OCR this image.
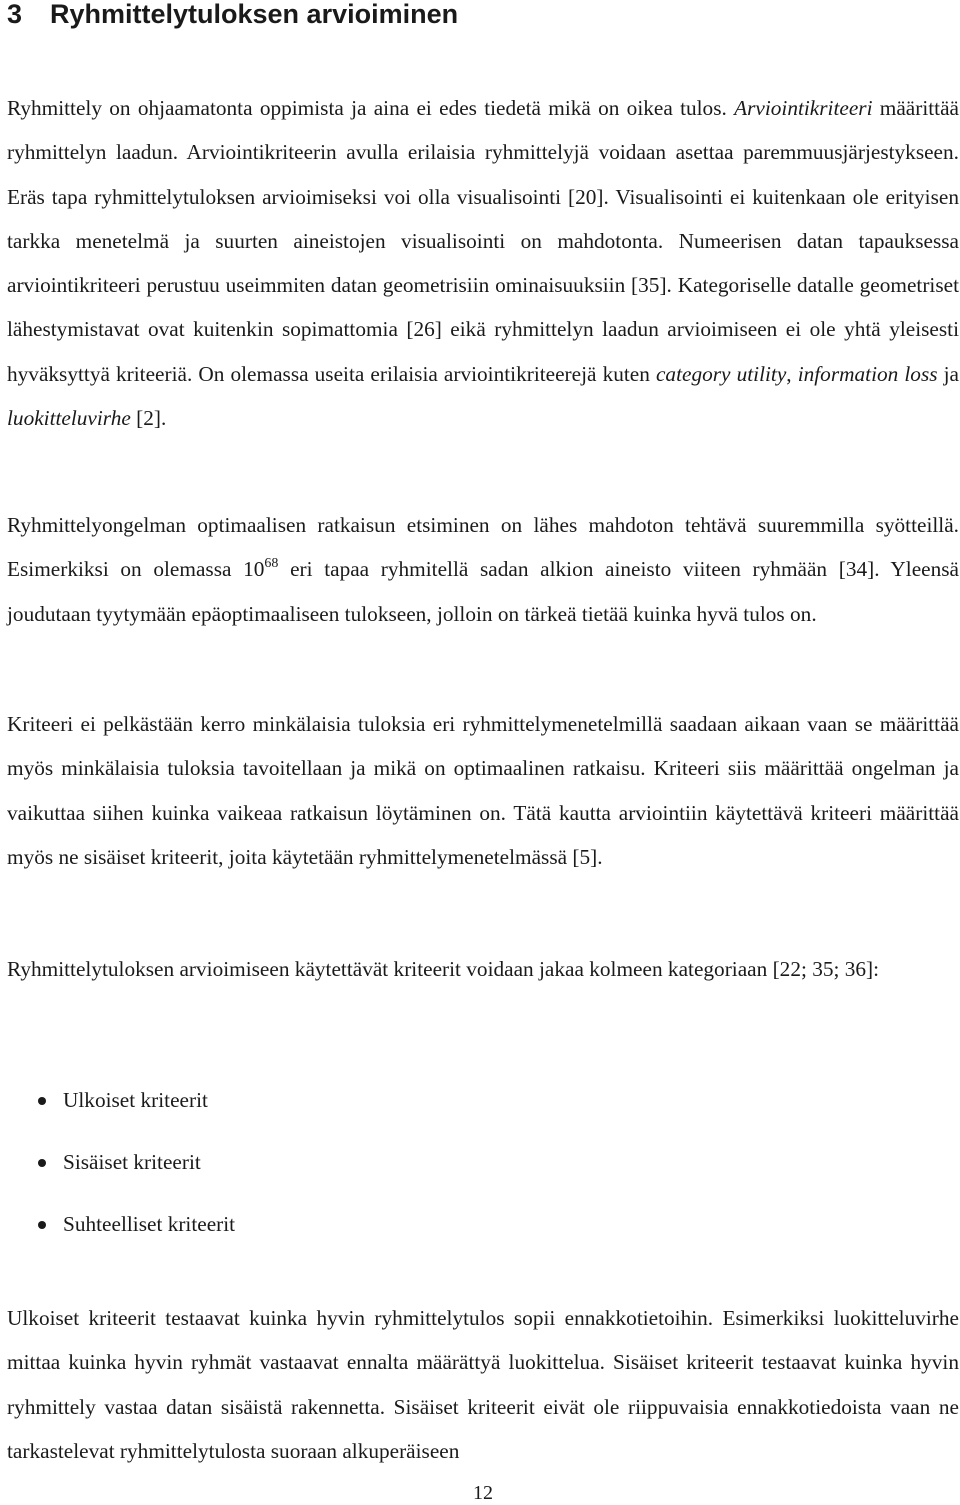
3 Ryhmittelytuloksen arvioiminen

Ryhmittely on ohjaamatonta oppimista ja aina ei edes tiedetä mikä on oikea tulos. Arviointikriteeri määrittää ryhmittelyn laadun. Arviointikriteerin avulla erilaisia ryhmittelyjä voidaan asettaa paremmuusjärjestykseen. Eräs tapa ryhmittelytuloksen arvioimiseksi voi olla visualisointi [20]. Visualisointi ei kuitenkaan ole erityisen tarkka menetelmä ja suurten aineistojen visualisointi on mahdotonta. Numeerisen datan tapauksessa arviointikriteeri perustuu useimmiten datan geometrisiin ominaisuuksiin [35]. Kategoriselle datalle geometriset lähestymistavat ovat kuitenkin sopimattomia [26] eikä ryhmittelyn laadun arvioimiseen ei ole yhtä yleisesti hyväksyttyä kriteeriä. On olemassa useita erilaisia arviointikriteerejä kuten category utility, information loss ja luokitteluvirhe [2].

Ryhmittelyongelman optimaalisen ratkaisun etsiminen on lähes mahdoton tehtävä suuremmilla syötteillä. Esimerkiksi on olemassa $10^{68}$ eri tapaa ryhmitellä sadan alkion aineisto viiteen ryhmään [34]. Yleensä joudutaan tyytymään epäoptimaaliseen tulokseen, jolloin on tärkeä tietää kuinka hyvä tulos on.

Kriteeri ei pelkästään kerro minkälaisia tuloksia eri ryhmittelymenetelmillä saadaan aikaan vaan se määrittää myös minkälaisia tuloksia tavoitellaan ja mikä on optimaalinen ratkaisu. Kriteeri siis määrittää ongelman ja vaikuttaa siihen kuinka vaikeaa ratkaisun löytäminen on. Tätä kautta arviointiin käytettävä kriteeri määrittää myös ne sisäiset kriteerit, joita käytetään ryhmittelymenetelmässä [5].

Ryhmittelytuloksen arvioimiseen käytettävät kriteerit voidaan jakaa kolmeen kategoriaan [22; 35; 36]:

Ulkoiset kriteerit
Sisäiset kriteerit
Suhteelliset kriteerit

Ulkoiset kriteerit testaavat kuinka hyvin ryhmittelytulos sopii ennakkotietoihin. Esimerkiksi luokitteluvirhe mittaa kuinka hyvin ryhmät vastaavat ennalta määrättyä luokittelua. Sisäiset kriteerit testaavat kuinka hyvin ryhmittely vastaa datan sisäistä rakennetta. Sisäiset kriteerit eivät ole riippuvaisia ennakkotiedoista vaan ne tarkastelevat ryhmittelytulosta suoraan alkuperäiseen

12
